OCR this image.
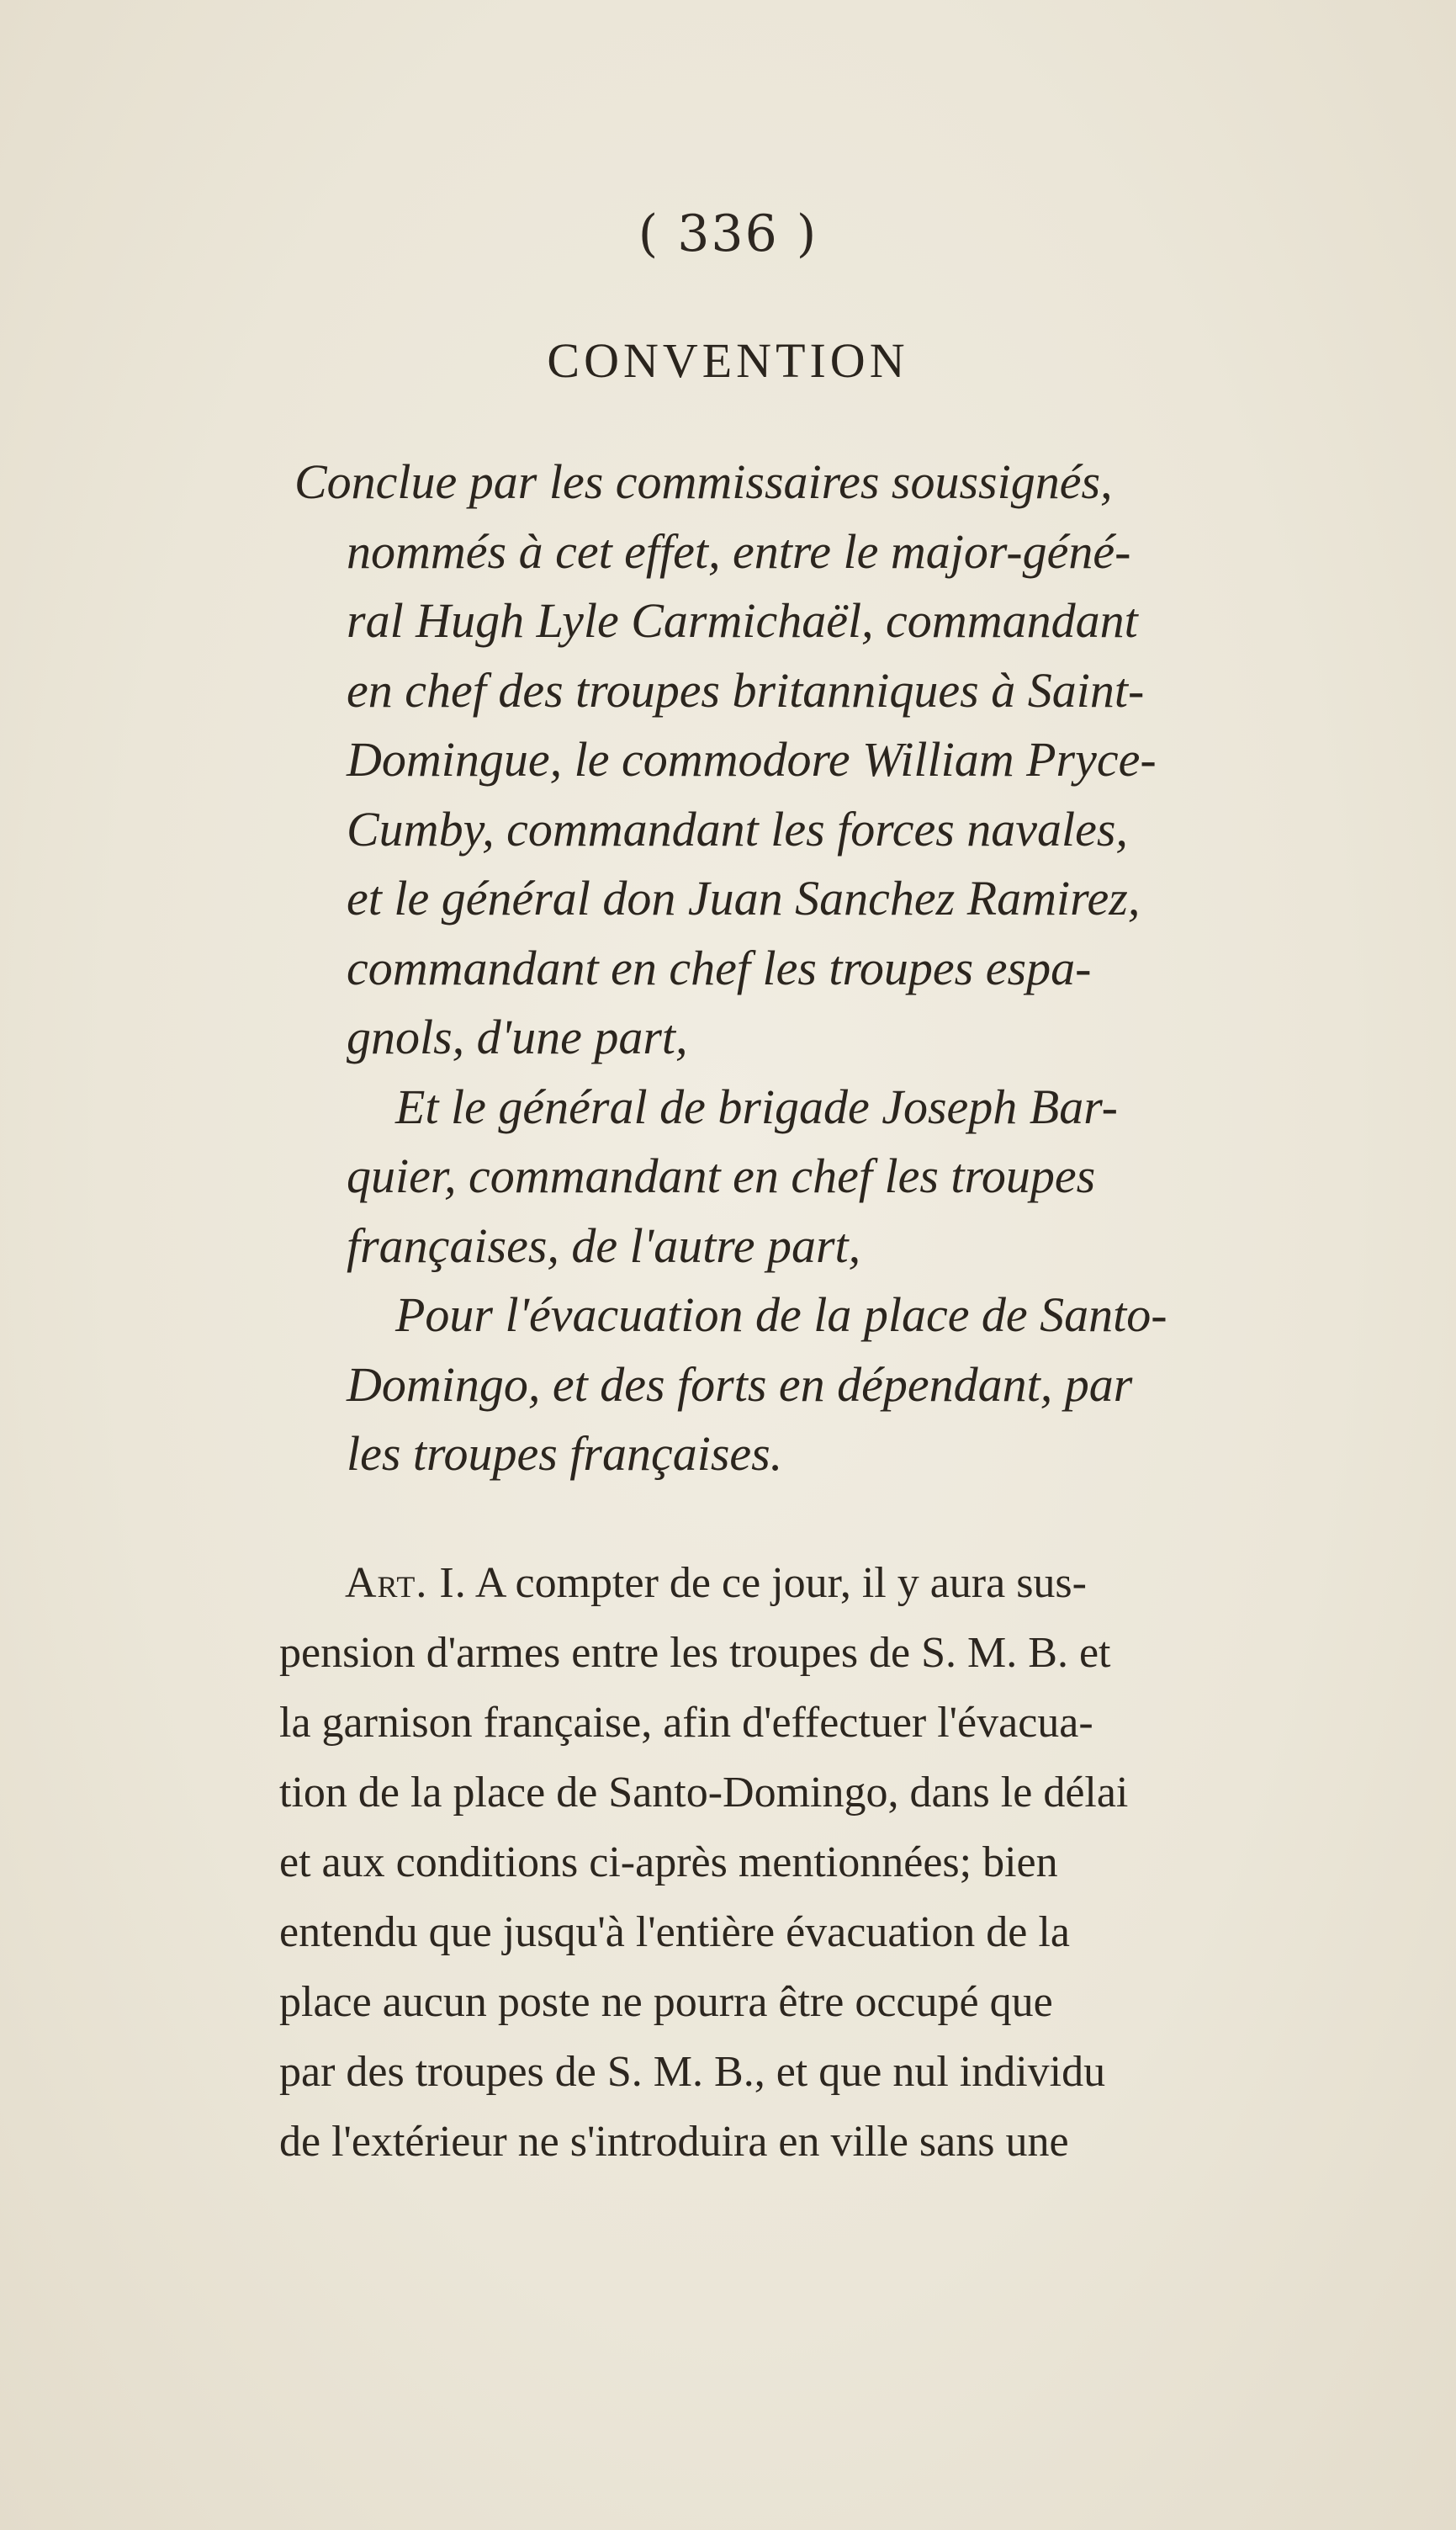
( 336 )
CONVENTION
Conclue par les commissaires soussignés,
nommés à cet effet, entre le major-géné-
ral Hugh Lyle Carmichaël, commandant
en chef des troupes britanniques à Saint-
Domingue, le commodore William Pryce-
Cumby, commandant les forces navales,
et le général don Juan Sanchez Ramirez,
commandant en chef les troupes espa-
gnols, d'une part,
Et le général de brigade Joseph Bar-
quier, commandant en chef les troupes
françaises, de l'autre part,
Pour l'évacuation de la place de Santo-
Domingo, et des forts en dépendant, par
les troupes françaises.
Art. I. A compter de ce jour, il y aura sus-
pension d'armes entre les troupes de S. M. B. et
la garnison française, afin d'effectuer l'évacua-
tion de la place de Santo-Domingo, dans le délai
et aux conditions ci-après mentionnées; bien
entendu que jusqu'à l'entière évacuation de la
place aucun poste ne pourra être occupé que
par des troupes de S. M. B., et que nul individu
de l'extérieur ne s'introduira en ville sans une
